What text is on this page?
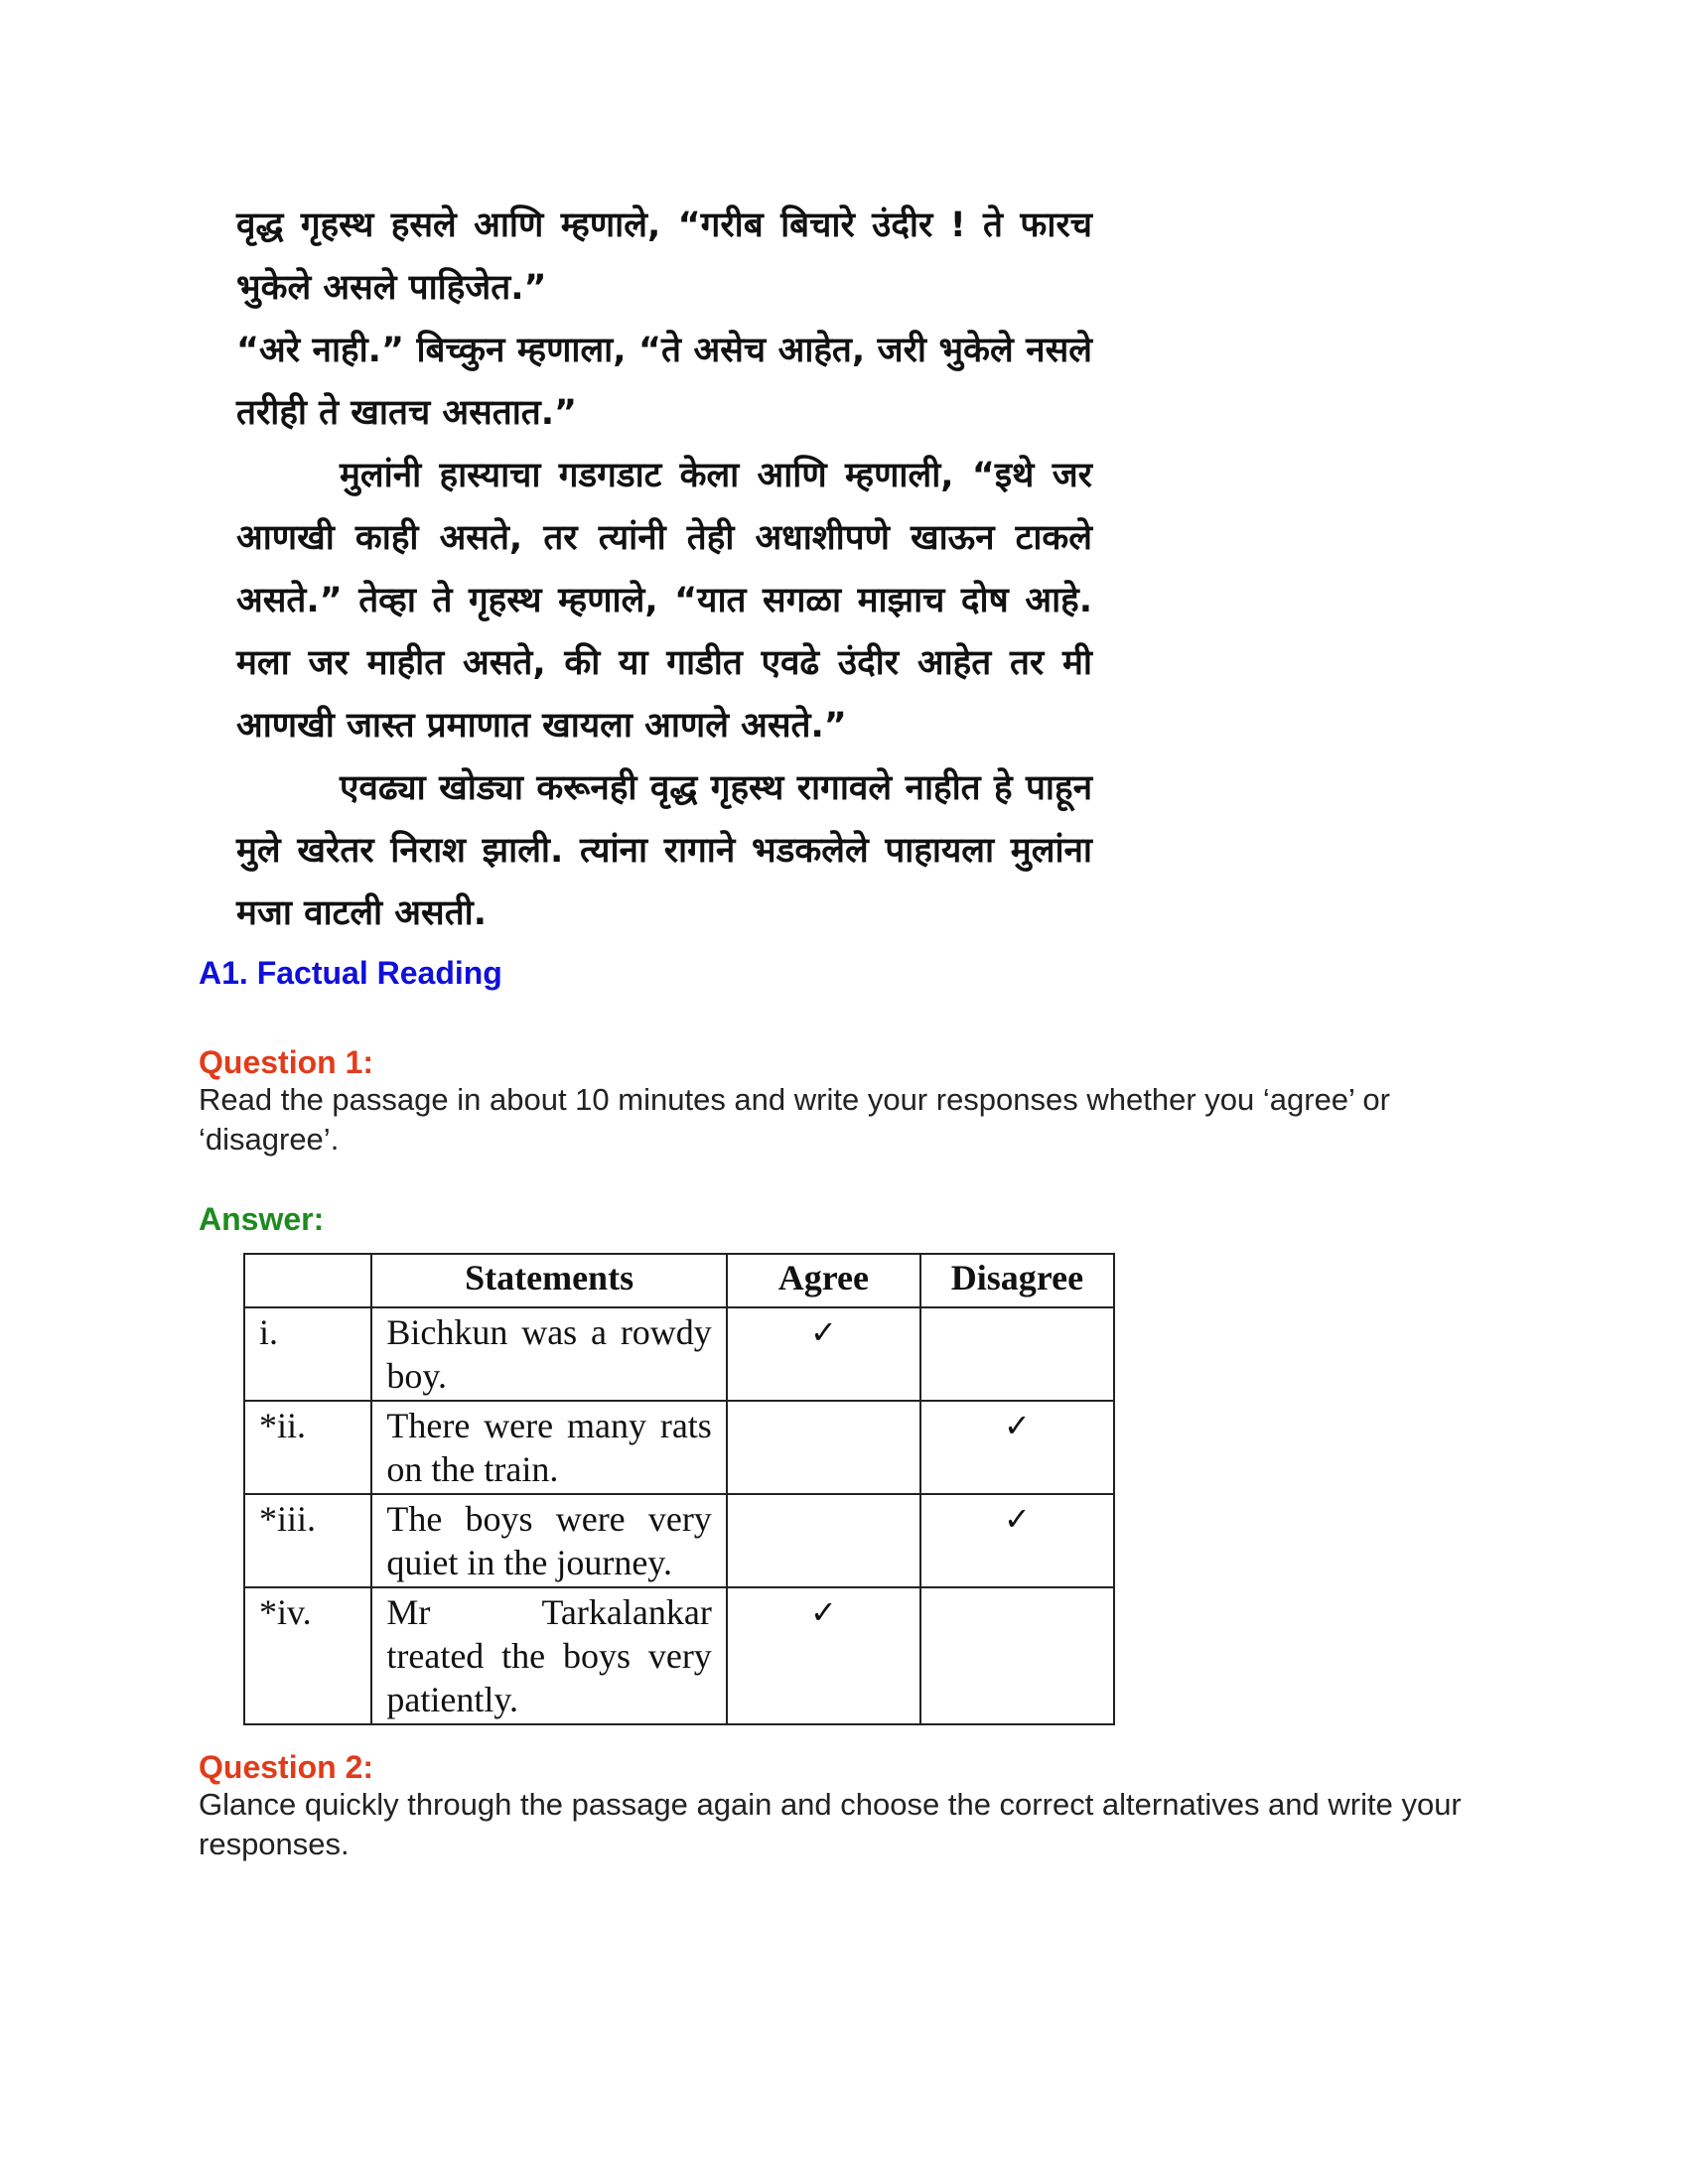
वृद्ध गृहस्थ हसले आणि म्हणाले, “गरीब बिचारे उंदीर ! ते फारच भुकेले असले पाहिजेत.”

“अरे नाही.” बिच्कुन म्हणाला, “ते असेच आहेत, जरी भुकेले नसले तरीही ते खातच असतात.”

मुलांनी हास्याचा गडगडाट केला आणि म्हणाली, “इथे जर आणखी काही असते, तर त्यांनी तेही अधाशीपणे खाऊन टाकले असते.” तेव्हा ते गृहस्थ म्हणाले, “यात सगळा माझाच दोष आहे. मला जर माहीत असते, की या गाडीत एवढे उंदीर आहेत तर मी आणखी जास्त प्रमाणात खायला आणले असते.”

एवढ्या खोड्या करूनही वृद्ध गृहस्थ रागावले नाहीत हे पाहून मुले खरेतर निराश झाली. त्यांना रागाने भडकलेले पाहायला मुलांना मजा वाटली असती.

A1. Factual Reading
Question 1:
Read the passage in about 10 minutes and write your responses whether you ‘agree’ or ‘disagree’.
Answer:
	Statements	Agree	Disagree
i.	Bichkun was a rowdy boy.	✓	
*ii.	There were many rats on the train.		✓
*iii.	The boys were very quiet in the journey.		✓
*iv.	Mr Tarkalankar treated the boys very patiently.	✓	
Question 2:
Glance quickly through the passage again and choose the correct alternatives and write your responses.
